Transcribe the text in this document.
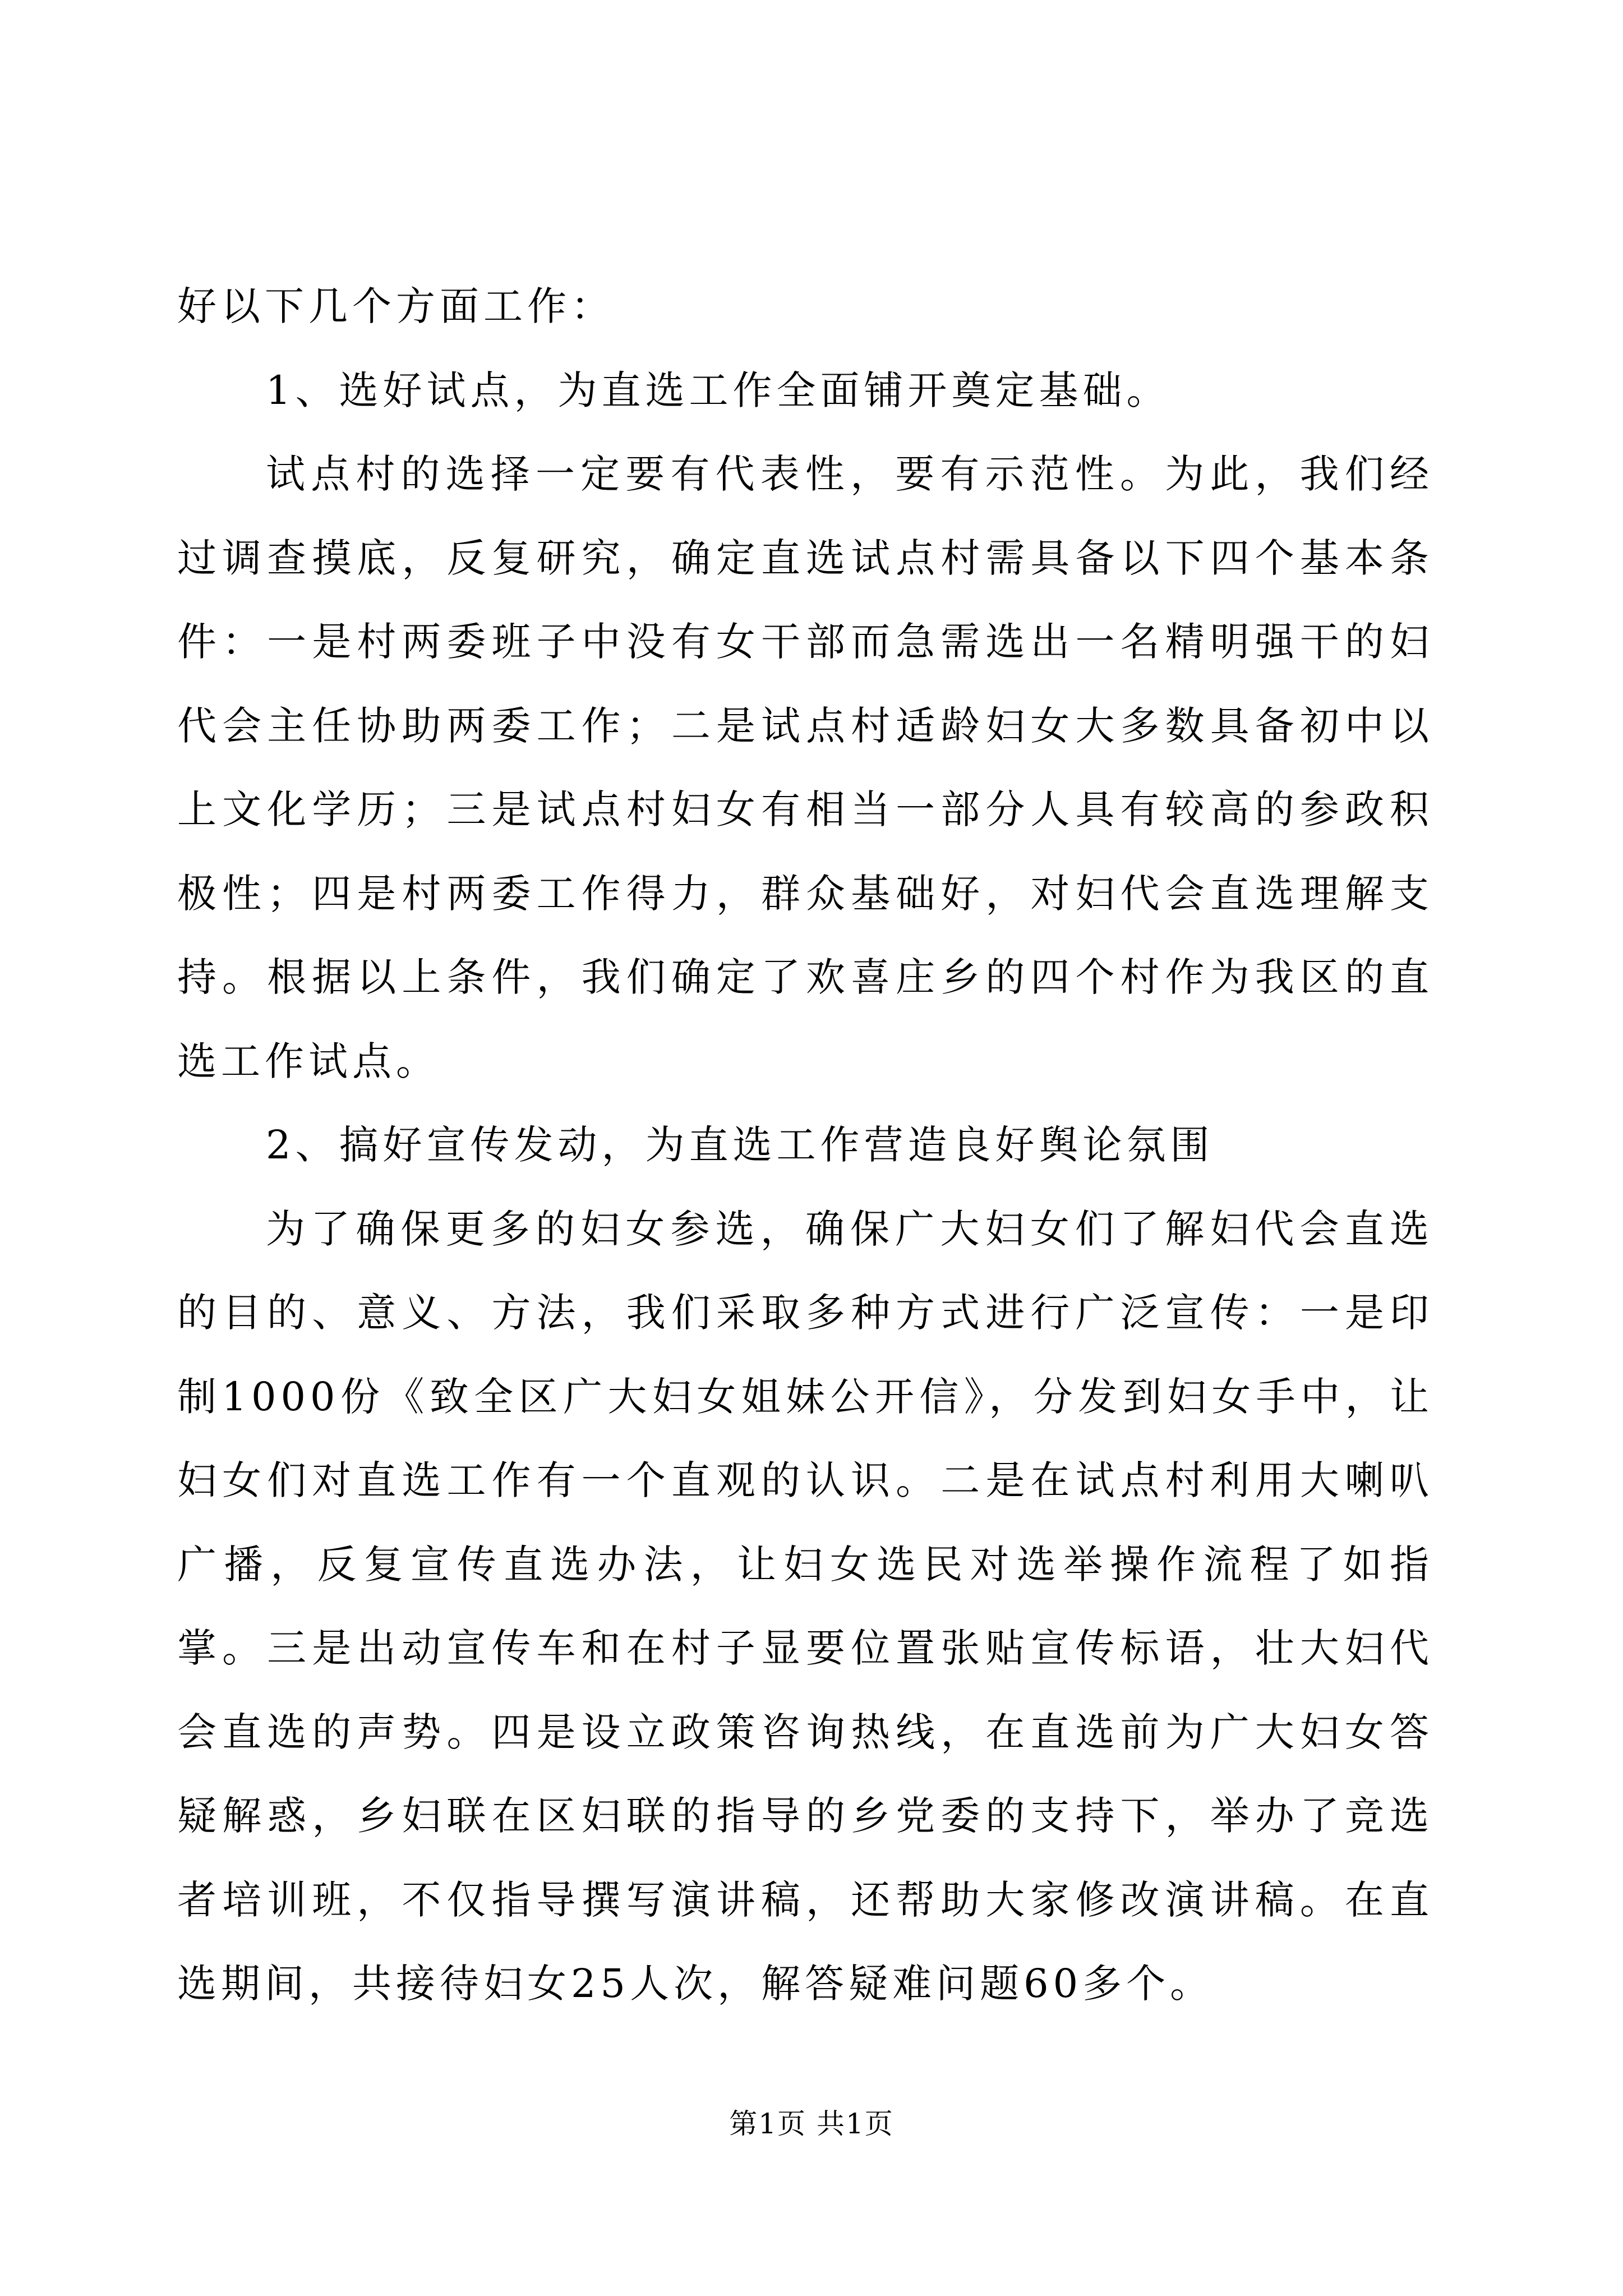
好以下几个方面工作：

1、选好试点，为直选工作全面铺开奠定基础。

试点村的选择一定要有代表性，要有示范性。为此，我们经过调查摸底，反复研究，确定直选试点村需具备以下四个基本条件：一是村两委班子中没有女干部而急需选出一名精明强干的妇代会主任协助两委工作；二是试点村适龄妇女大多数具备初中以上文化学历；三是试点村妇女有相当一部分人具有较高的参政积极性；四是村两委工作得力，群众基础好，对妇代会直选理解支持。根据以上条件，我们确定了欢喜庄乡的四个村作为我区的直选工作试点。

2、搞好宣传发动，为直选工作营造良好舆论氛围

为了确保更多的妇女参选，确保广大妇女们了解妇代会直选的目的、意义、方法，我们采取多种方式进行广泛宣传：一是印制1000份《致全区广大妇女姐妹公开信》，分发到妇女手中，让妇女们对直选工作有一个直观的认识。二是在试点村利用大喇叭广播，反复宣传直选办法，让妇女选民对选举操作流程了如指掌。三是出动宣传车和在村子显要位置张贴宣传标语，壮大妇代会直选的声势。四是设立政策咨询热线，在直选前为广大妇女答疑解惑，乡妇联在区妇联的指导的乡党委的支持下，举办了竞选者培训班，不仅指导撰写演讲稿，还帮助大家修改演讲稿。在直选期间，共接待妇女25人次，解答疑难问题60多个。

第1页 共1页
